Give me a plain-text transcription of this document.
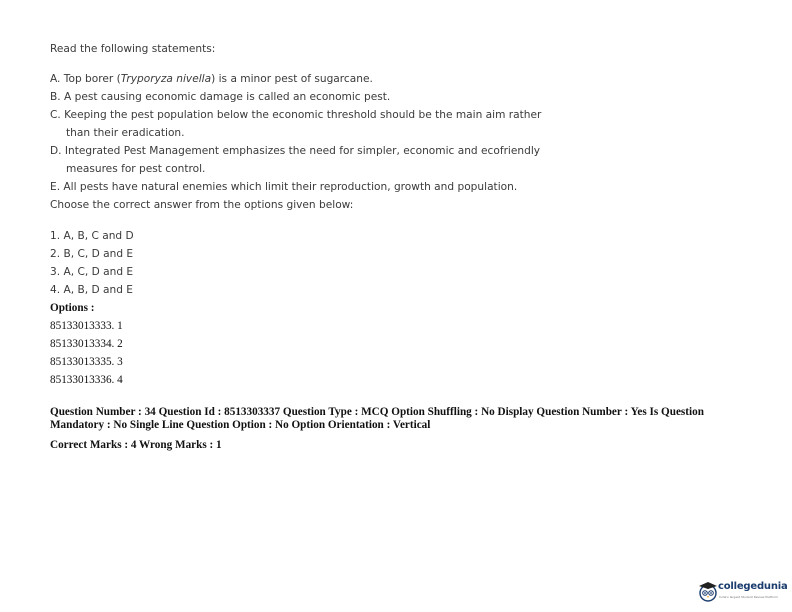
Read the following statements:
A. Top borer (Tryporyza nivella) is a minor pest of sugarcane.
B. A pest causing economic damage is called an economic pest.
C. Keeping the pest population below the economic threshold should be the main aim rather
than their eradication.
D. Integrated Pest Management emphasizes the need for simpler, economic and ecofriendly
measures for pest control.
E. All pests have natural enemies which limit their reproduction, growth and population.
Choose the correct answer from the options given below:
1. A, B, C and D
2. B, C, D and E
3. A, C, D and E
4. A, B, D and E
Options :
85133013333. 1
85133013334. 2
85133013335. 3
85133013336. 4
Question Number : 34 Question Id : 8513303337 Question Type : MCQ Option Shuffling : No Display Question Number : Yes Is Question Mandatory : No Single Line Question Option : No Option Orientation : Vertical
Correct Marks : 4 Wrong Marks : 1
collegedunia
India's largest Student Review Platform
